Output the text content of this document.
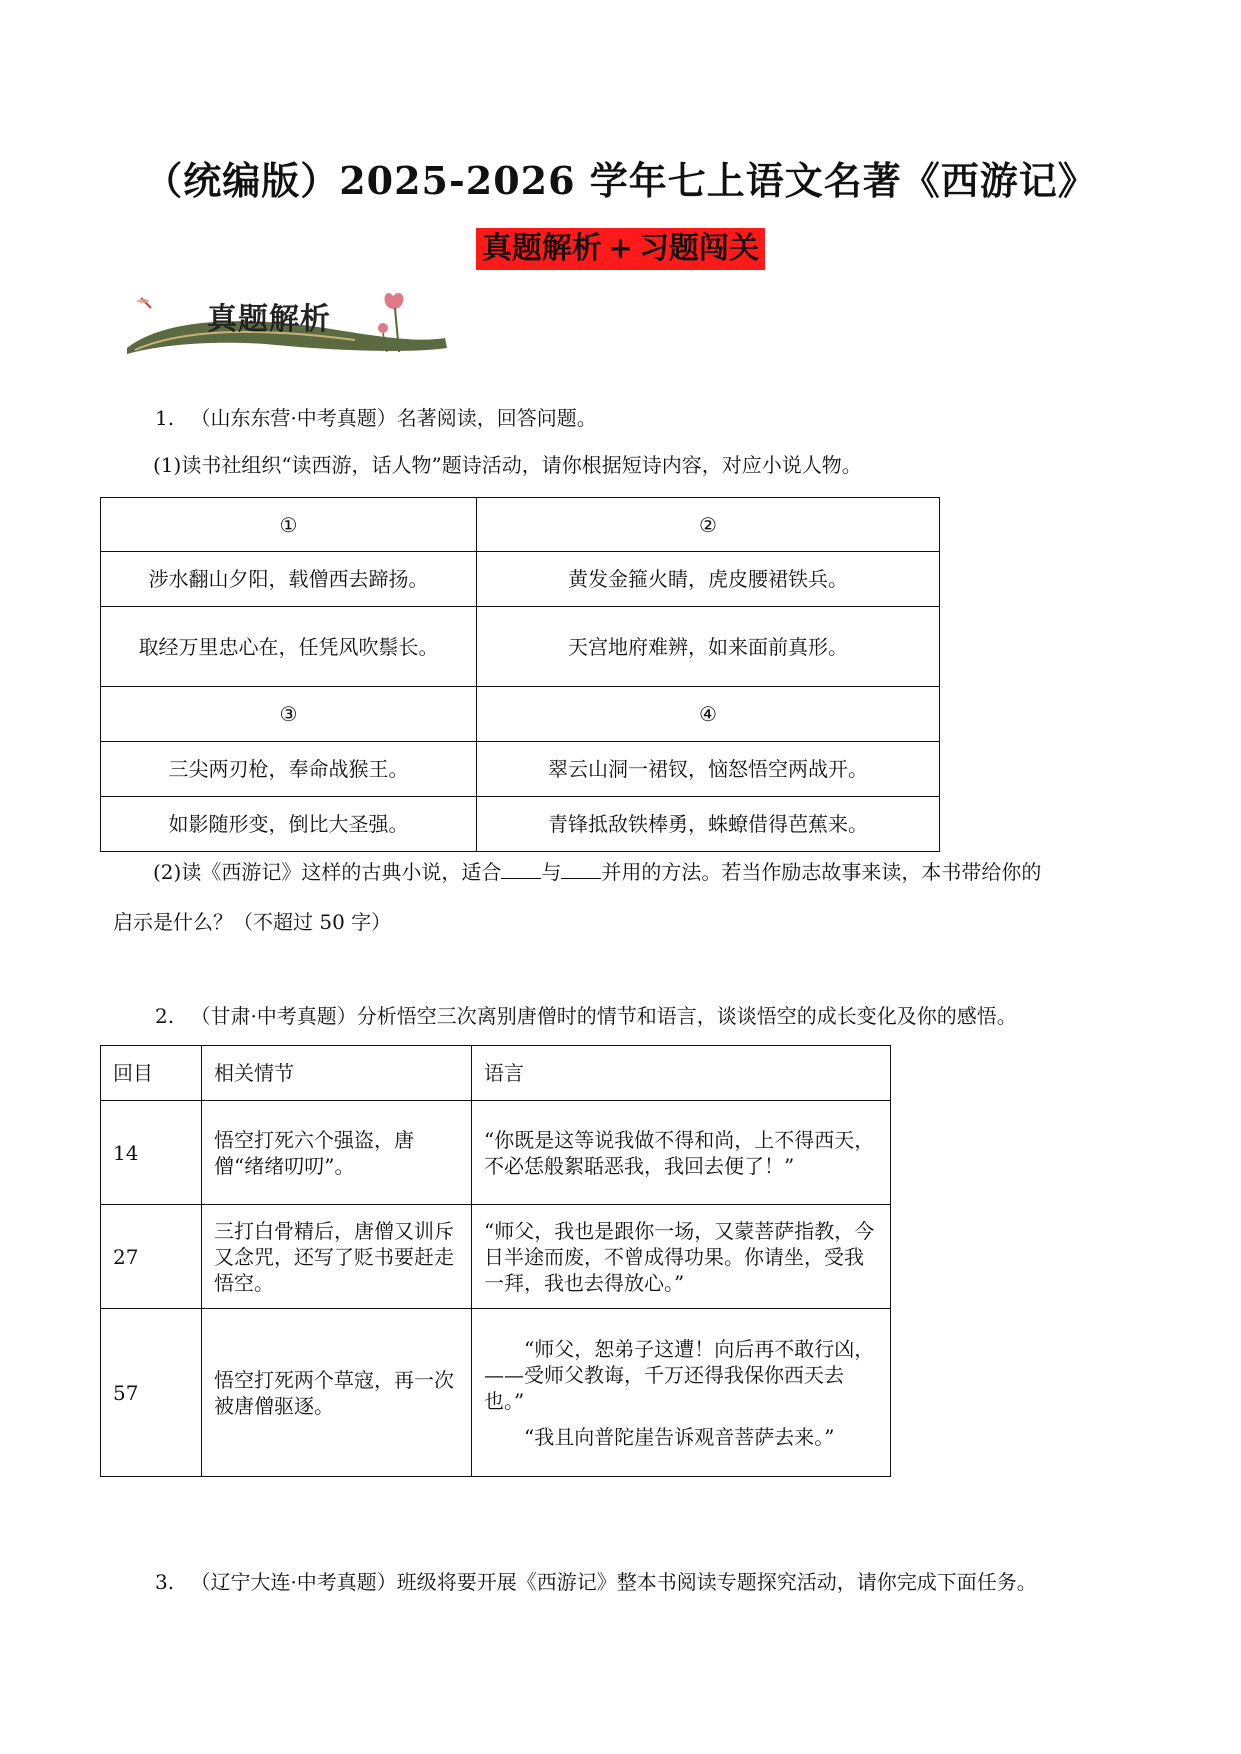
（统编版）2025-2026 学年七上语文名著《西游记》
真题解析 + 习题闯关
真题解析
1. （山东东营·中考真题）名著阅读，回答问题。
(1)读书社组织“读西游，话人物”题诗活动，请你根据短诗内容，对应小说人物。
①	②
涉水翻山夕阳，载僧西去蹄扬。	黄发金箍火睛，虎皮腰裙铁兵。
取经万里忠心在，任凭风吹鬃长。	天宫地府难辨，如来面前真形。
③	④
三尖两刃枪，奉命战猴王。	翠云山洞一裙钗，恼怒悟空两战开。
如影随形变，倒比大圣强。	青锋抵敌铁棒勇，蛛蟟借得芭蕉来。
(2)读《西游记》这样的古典小说，适合 与 并用的方法。若当作励志故事来读，本书带给你的
启示是什么？（不超过 50 字）
2. （甘肃·中考真题）分析悟空三次离别唐僧时的情节和语言，谈谈悟空的成长变化及你的感悟。
回目	相关情节	语言
14	悟空打死六个强盗，唐僧“绪绪叨叨”。	“你既是这等说我做不得和尚，上不得西天，不必恁般絮聒恶我，我回去便了！”
27	三打白骨精后，唐僧又训斥又念咒，还写了贬书要赶走悟空。	“师父，我也是跟你一场，又蒙菩萨指教，今日半途而废，不曾成得功果。你请坐，受我一拜，我也去得放心。”
57	悟空打死两个草寇，再一次被唐僧驱逐。	“师父，恕弟子这遭！向后再不敢行凶，——受师父教诲，千万还得我保你西天去也。”
“我且向普陀崖告诉观音菩萨去来。”
3. （辽宁大连·中考真题）班级将要开展《西游记》整本书阅读专题探究活动，请你完成下面任务。
